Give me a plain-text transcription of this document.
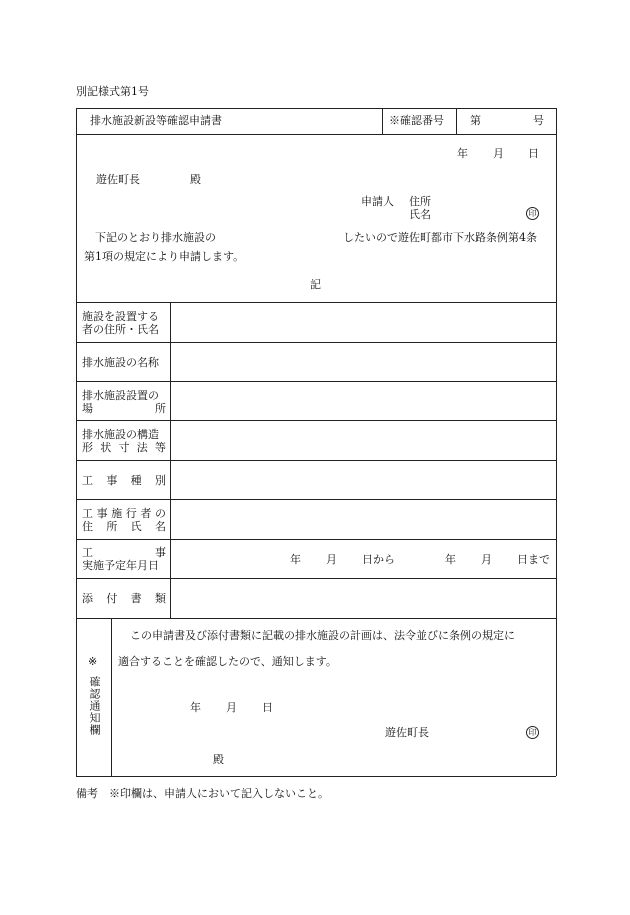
別記様式第1号
排水施設新設等確認申請書	※確認番号 第	号
年 月 日
遊佐町長	殿
申請人 住所
氏名	印
下記のとおり排水施設の	したいので遊佐町都市下水路条例第4条
第1項の規定により申請します。
記
施設を設置する
者の住所・氏名
排水施設の名称
排水施設設置の
場	所
排水施設の構造
形 状 寸 法 等
工 事 種 別
工 事 施 行 者 の
住 所 氏 名
工	事
実施予定年月日	年 月 日から	年 月 日まで
添 付 書 類
※
確認通知欄
この申請書及び添付書類に記載の排水施設の計画は、法令並びに条例の規定に
適合することを確認したので、通知します。
年 月 日
遊佐町長	印
殿
備考　※印欄は、申請人において記入しないこと。
